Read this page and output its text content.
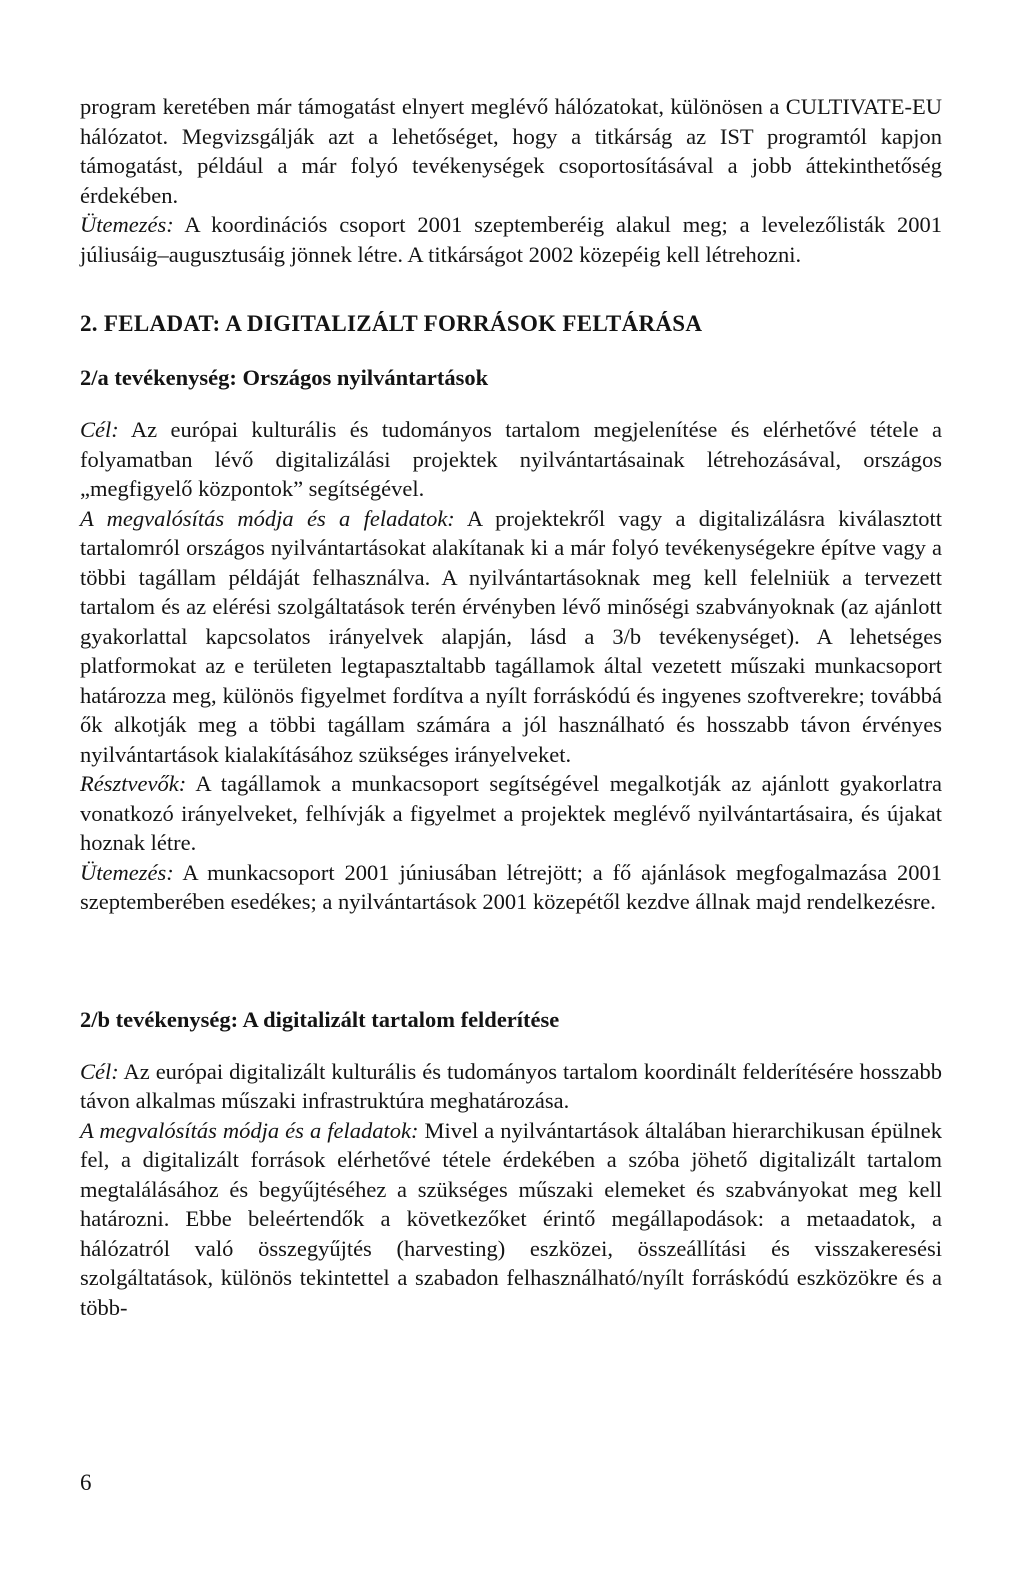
program keretében már támogatást elnyert meglévő hálózatokat, különösen a CULTIVATE-EU hálózatot. Megvizsgálják azt a lehetőséget, hogy a titkárság az IST programtól kapjon támogatást, például a már folyó tevékenységek csoportosításával a jobb áttekinthetőség érdekében.

Ütemezés: A koordinációs csoport 2001 szeptemberéig alakul meg; a levelezőlisták 2001 júliusáig–augusztusáig jönnek létre. A titkárságot 2002 közepéig kell létrehozni.

2. FELADAT: A DIGITALIZÁLT FORRÁSOK FELTÁRÁSA
2/a tevékenység: Országos nyilvántartások

Cél: Az európai kulturális és tudományos tartalom megjelenítése és elérhetővé tétele a folyamatban lévő digitalizálási projektek nyilvántartásainak létrehozásával, országos „megfigyelő központok” segítségével.

A megvalósítás módja és a feladatok: A projektekről vagy a digitalizálásra kiválasztott tartalomról országos nyilvántartásokat alakítanak ki a már folyó tevékenységekre építve vagy a többi tagállam példáját felhasználva. A nyilvántartásoknak meg kell felelniük a tervezett tartalom és az elérési szolgáltatások terén érvényben lévő minőségi szabványoknak (az ajánlott gyakorlattal kapcsolatos irányelvek alapján, lásd a 3/b tevékenységet). A lehetséges platformokat az e területen legtapasztaltabb tagállamok által vezetett műszaki munkacsoport határozza meg, különös figyelmet fordítva a nyílt forráskódú és ingyenes szoftverekre; továbbá ők alkotják meg a többi tagállam számára a jól használható és hosszabb távon érvényes nyilvántartások kialakításához szükséges irányelveket.

Résztvevők: A tagállamok a munkacsoport segítségével megalkotják az ajánlott gyakorlatra vonatkozó irányelveket, felhívják a figyelmet a projektek meglévő nyilvántartásaira, és újakat hoznak létre.

Ütemezés: A munkacsoport 2001 júniusában létrejött; a fő ajánlások megfogalmazása 2001 szeptemberében esedékes; a nyilvántartások 2001 közepétől kezdve állnak majd rendelkezésre.

2/b tevékenység: A digitalizált tartalom felderítése

Cél: Az európai digitalizált kulturális és tudományos tartalom koordinált felderítésére hosszabb távon alkalmas műszaki infrastruktúra meghatározása.

A megvalósítás módja és a feladatok: Mivel a nyilvántartások általában hierarchikusan épülnek fel, a digitalizált források elérhetővé tétele érdekében a szóba jöhető digitalizált tartalom megtalálásához és begyűjtéséhez a szükséges műszaki elemeket és szabványokat meg kell határozni. Ebbe beleértendők a következőket érintő megállapodások: a metaadatok, a hálózatról való összegyűjtés (harvesting) eszközei, összeállítási és visszakeresési szolgáltatások, különös tekintettel a szabadon felhasználható/nyílt forráskódú eszközökre és a több-

6
